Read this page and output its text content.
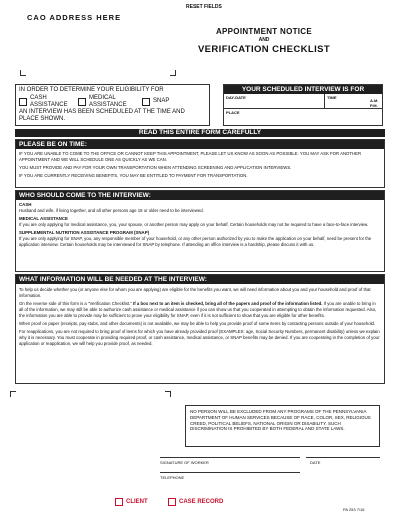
RESET FIELDS
CAO ADDRESS HERE
APPOINTMENT NOTICE
AND
VERIFICATION CHECKLIST
IN ORDER TO DETERMINE YOUR ELIGIBILITY FOR
CASH ASSISTANCE
MEDICAL ASSISTANCE
SNAP
AN INTERVIEW HAS BEEN SCHEDULED AT THE TIME AND PLACE SHOWN.
YOUR SCHEDULED INTERVIEW IS FOR
DAY-DATE	TIME
A.M.
P.M.
PLACE
READ THIS ENTIRE FORM CAREFULLY
PLEASE BE ON TIME:

IF YOU ARE UNABLE TO COME TO THE OFFICE OR CANNOT KEEP THIS APPOINTMENT, PLEASE LET US KNOW AS SOON AS POSSIBLE. YOU MAY ASK FOR ANOTHER APPOINTMENT AND WE WILL SCHEDULE ONE AS QUICKLY AS WE CAN.

YOU MUST PROVIDE AND PAY FOR YOUR OWN TRANSPORTATION WHEN ATTENDING SCREENING AND APPLICATION INTERVIEWS.

IF YOU ARE CURRENTLY RECEIVING BENEFITS, YOU MAY BE ENTITLED TO PAYMENT FOR TRANSPORTATION.

WHO SHOULD COME TO THE INTERVIEW:
CASH

Husband and wife, if living together, and all other persons age 18 or older need to be interviewed.

MEDICAL ASSISTANCE

If you are only applying for medical assistance, you, your spouse, or another person may apply on your behalf. Certain households may not be required to have a face-to-face interview.

SUPPLEMENTAL NUTRITION ASSISTANCE PROGRAM (SNAP)

If you are only applying for SNAP, you, any responsible member of your household, or any other person authorized by you to make the application on your behalf, need be present for the application interview. Certain households may be interviewed for SNAP by telephone. If attending an office interview is a hardship, please discuss it with us.

WHAT INFORMATION WILL BE NEEDED AT THE INTERVIEW:

To help us decide whether you (or anyone else for whom you are applying) are eligible for the benefits you want, we will need information about you and your household and proof of that information.

On the reverse side of this form is a "Verification Checklist." If a box next to an item is checked, bring all of the papers and proof of the information listed. If you are unable to bring in all of the information, we may still be able to authorize cash assistance or medical assistance if you can show us that you cooperated in attempting to obtain the information requested. Also, the information you are able to provide may be sufficient to prove your eligibility for SNAP, even if it is not sufficient to show that you are eligible for other benefits.

When proof on paper (receipts, pay stubs, and other documents) is not available, we may be able to help you provide proof of some items by contacting persons outside of your household.

For reapplications, you are not required to bring proof of items for which you have already provided proof (EXAMPLES: age, Social Security Numbers, permanent disability) unless we explain why it is necessary. You must cooperate in providing required proof, or cash assistance, medical assistance, or SNAP benefits may be denied. If you are cooperating in the completion of your application or reapplication, we will help you provide proof, as needed.

NO PERSON WILL BE EXCLUDED FROM ANY PROGRAMS OF THE PENNSYLVANIA DEPARTMENT OF HUMAN SERVICES BECAUSE OF RACE, COLOR, SEX, RELIGIOUS CREED, POLITICAL BELIEFS, NATIONAL ORIGIN OR DISABILITY. SUCH DISCRIMINATION IS PROHIBITED BY BOTH FEDERAL AND STATE LAWS.
SIGNATURE OF WORKER	DATE
TELEPHONE
CLIENT	CASE RECORD
PA 253 7/16
